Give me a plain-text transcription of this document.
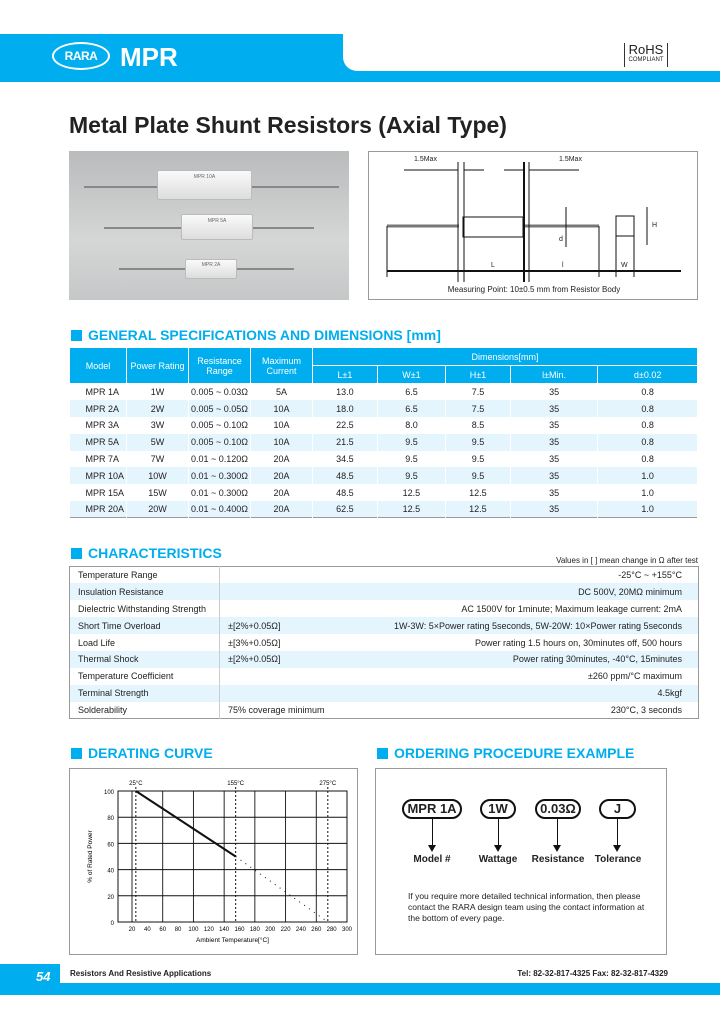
RARA MPR	RoHS
COMPLIANT
Metal Plate Shunt Resistors (Axial Type)
MPR 10A
MPR 5A
MPR 2A
1.5Max	1.5Max
L	l
d
H
W
Measuring Point: 10±0.5 mm from Resistor Body
GENERAL SPECIFICATIONS AND DIMENSIONS [mm]
Model	Power Rating	Resistance Range	Maximum Current	Dimensions[mm]				
				L±1	W±1	H±1	l±Min.	d±0.02
MPR 1A	1W	0.005 ~ 0.03Ω	5A	13.0	6.5	7.5	35	0.8
MPR 2A	2W	0.005 ~ 0.05Ω	10A	18.0	6.5	7.5	35	0.8
MPR 3A	3W	0.005 ~ 0.10Ω	10A	22.5	8.0	8.5	35	0.8
MPR 5A	5W	0.005 ~ 0.10Ω	10A	21.5	9.5	9.5	35	0.8
MPR 7A	7W	0.01 ~ 0.120Ω	20A	34.5	9.5	9.5	35	0.8
MPR 10A	10W	0.01 ~ 0.300Ω	20A	48.5	9.5	9.5	35	1.0
MPR 15A	15W	0.01 ~ 0.300Ω	20A	48.5	12.5	12.5	35	1.0
MPR 20A	20W	0.01 ~ 0.400Ω	20A	62.5	12.5	12.5	35	1.0
CHARACTERISTICS	Values in [ ] mean change in Ω after test
Temperature Range		-25°C ~ +155°C
Insulation Resistance		DC 500V, 20MΩ minimum
Dielectric Withstanding Strength		AC 1500V for 1minute; Maximum leakage current: 2mA
Short Time Overload	±[2%+0.05Ω]	1W-3W: 5×Power rating 5seconds, 5W-20W: 10×Power rating 5seconds
Load Life	±[3%+0.05Ω]	Power rating 1.5 hours on, 30minutes off, 500 hours
Thermal Shock	±[2%+0.05Ω]	Power rating 30minutes, -40°C, 15minutes
Temperature Coefficient		±260 ppm/°C maximum
Terminal Strength		4.5kgf
Solderability	75% coverage minimum	230°C, 3 seconds
DERATING CURVE
0
20
40
60
80
100
20 40 60 80 100 120 140 160 180 200 220 240 260 280 300
25°C	155°C	275°C
Ambient Temperature[°C]
% of Rated Power
ORDERING PROCEDURE EXAMPLE
MPR 1A	1W	0.03Ω	J
Model #	Wattage	Resistance	Tolerance
If you require more detailed technical information, then please contact the RARA design team using the contact information at the bottom of every page.
54	Resistors And Resistive Applications	Tel: 82-32-817-4325 Fax: 82-32-817-4329
